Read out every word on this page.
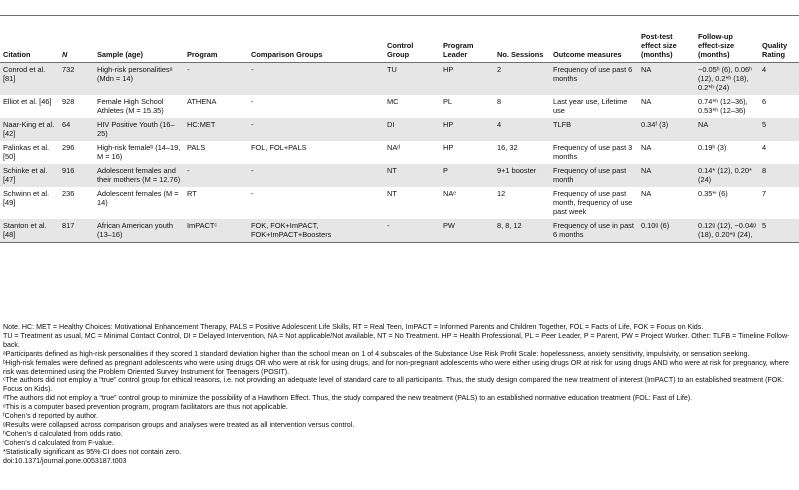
Citation	N	Sample (age)	Program	Comparison Groups	Control Group	Program Leader	No. Sessions	Outcome measures	Post-test effect size (months)	Follow-up effect-size (months)	Quality Rating
Conrod et al. [81]	732	High-risk personalitiesᵃ (Mdn = 14)	-	-	TU	HP	2	Frequency of use past 6 months	NA	−0.05ʰ (6), 0.06ʰ (12), 0.2*ʰ (18), 0.2*ʰ (24)	4
Elliot et al. [46]	928	Female High School Athletes (M = 15.35)	ATHENA	-	MC	PL	8	Last year use, Lifetime use	NA	0.74*ʰ (12–36), 0.53*ʰ (12–36)	6
Naar-King et al. [42]	64	HIV Positive Youth (16–25)	HC:MET	-	DI	HP	4	TLFB	0.34ᶠ (3)	NA	5
Palinkas et al. [50]	296	High-risk femaleᵇ (14–19, M = 16)	PALS	FOL, FOL+PALS	NAᵈ	HP	16, 32	Frequency of use past 3 months	NA	0.19ʰ (3)	4
Schinke et al. [47]	916	Adolescent females and their mothers (M = 12.76)	-	-	NT	P	9+1 booster	Frequency of use past month	NA	0.14* (12), 0.20* (24)	8
Schwinn et al. [49]	236	Adolescent females (M = 14)	RT	-	NT	NAᵉ	12	Frequency of use past month, frequency of use past week	NA	0.35*ⁱ (6)	7
Stanton et al. [48]	817	African American youth (13–16)	ImPACTᶜ	FOK, FOK+ImPACT, FOK+ImPACT+Boosters	-	PW	8, 8, 12	Frequency of use in past 6 months	0.10ᵍ (6)	0.12ᵍ (12), −0.04ᵍ (18), 0.20*ᵍ (24),	5
Note. HC: MET = Healthy Choices: Motivational Enhancement Therapy, PALS = Positive Adolescent Life Skills, RT = Real Teen, ImPACT = Informed Parents and Children Together, FOL = Facts of Life, FOK = Focus on Kids.
TU = Treatment as usual, MC = Minimal Contact Control, DI = Delayed Intervention, NA = Not applicable/Not available, NT = No Treatment. HP = Health Professional, PL = Peer Leader, P = Parent, PW = Project Worker. Other: TLFB = Timeline Follow-back.
ᵃParticipants defined as high-risk personalities if they scored 1 standard deviation higher than the school mean on 1 of 4 subscales of the Substance Use Risk Profit Scale: hopelessness, anxiety sensitivity, impulsivity, or sensation seeking.
ᵇHigh-risk females were defined as pregnant adolescents who were using drugs OR who were at risk for using drugs, and for non-pregnant adolescents who were either using drugs OR at risk for using drugs AND who were at risk for pregnancy, where risk was determined using the Problem Oriented Survey Instrument for Teenagers (POSIT).
ᶜThe authors did not employ a “true” control group for ethical reasons, i.e. not providing an adequate level of standard care to all participants. Thus, the study design compared the new treatment of interest (ImPACT) to an established treatment (FOK: Focus on Kids).
ᵈThe authors did not employ a “true” control group to minimize the possibility of a Hawthorn Effect. Thus, the study compared the new treatment (PALS) to an established normative education treatment (FOL: Fast of Life).
ᵉThis is a computer based prevention program, program facilitators are thus not applicable.
ᶠCohen’s d reported by author.
ᵍResults were collapsed across comparison groups and analyses were treated as all intervention versus control.
ʰCohen’s d calculated from odds ratio.
ⁱCohen’s d calculated from F-value.
*Statistically significant as 95% CI does not contain zero.
doi:10.1371/journal.pone.0053187.t003
